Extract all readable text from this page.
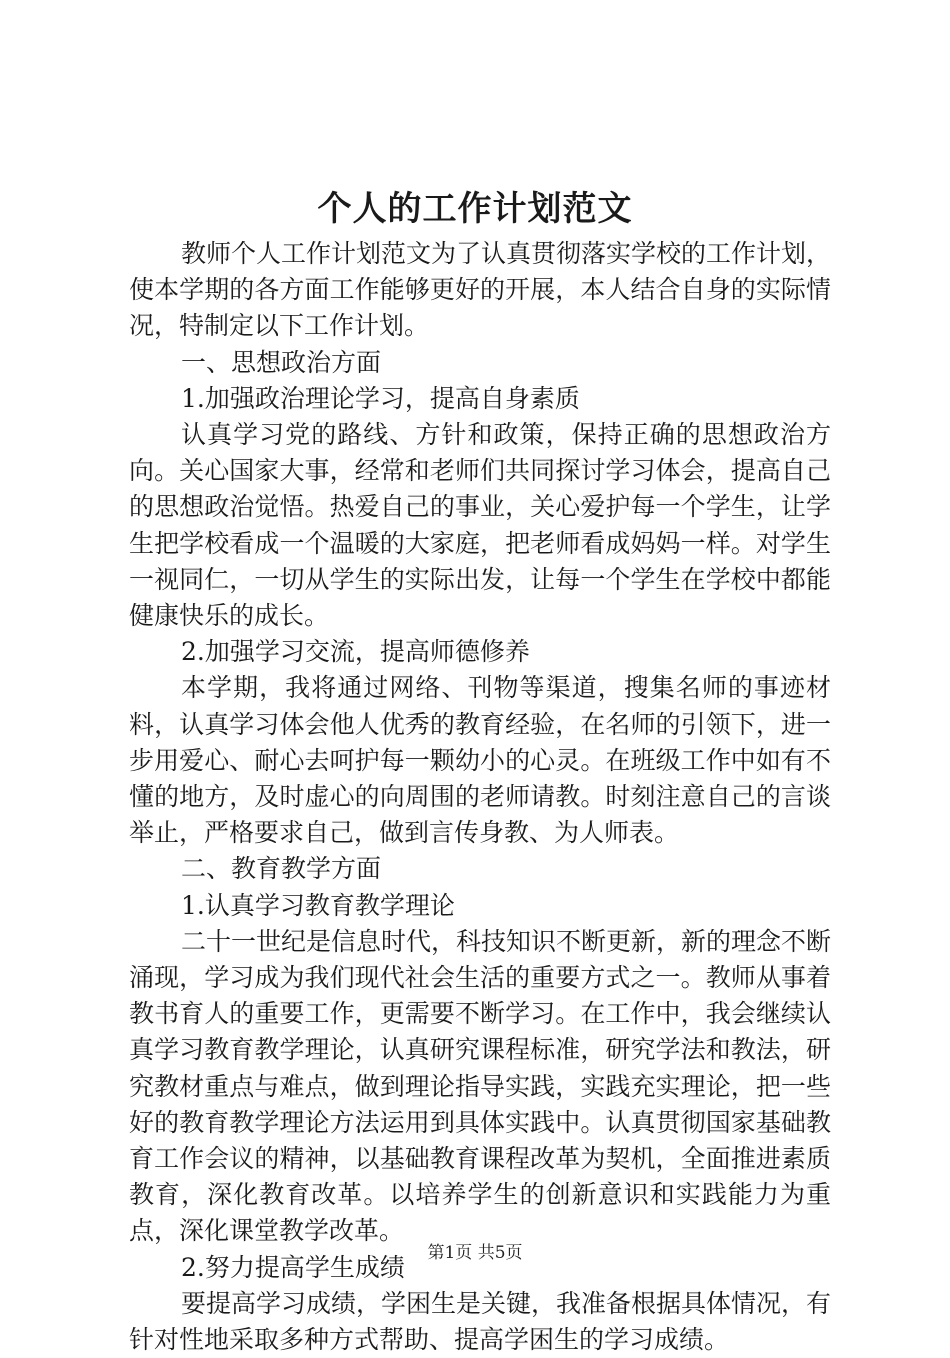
个人的工作计划范文

教师个人工作计划范文为了认真贯彻落实学校的工作计划，使本学期的各方面工作能够更好的开展，本人结合自身的实际情况，特制定以下工作计划。

一、思想政治方面

1.加强政治理论学习，提高自身素质

认真学习党的路线、方针和政策，保持正确的思想政治方向。关心国家大事，经常和老师们共同探讨学习体会，提高自己的思想政治觉悟。热爱自己的事业，关心爱护每一个学生，让学生把学校看成一个温暖的大家庭，把老师看成妈妈一样。对学生一视同仁，一切从学生的实际出发，让每一个学生在学校中都能健康快乐的成长。

2.加强学习交流，提高师德修养

本学期，我将通过网络、刊物等渠道，搜集名师的事迹材料，认真学习体会他人优秀的教育经验，在名师的引领下，进一步用爱心、耐心去呵护每一颗幼小的心灵。在班级工作中如有不懂的地方，及时虚心的向周围的老师请教。时刻注意自己的言谈举止，严格要求自己，做到言传身教、为人师表。

二、教育教学方面

1.认真学习教育教学理论

二十一世纪是信息时代，科技知识不断更新，新的理念不断涌现，学习成为我们现代社会生活的重要方式之一。教师从事着教书育人的重要工作，更需要不断学习。在工作中，我会继续认真学习教育教学理论，认真研究课程标准，研究学法和教法，研究教材重点与难点，做到理论指导实践，实践充实理论，把一些好的教育教学理论方法运用到具体实践中。认真贯彻国家基础教育工作会议的精神，以基础教育课程改革为契机，全面推进素质教育，深化教育改革。以培养学生的创新意识和实践能力为重点，深化课堂教学改革。

2.努力提高学生成绩

要提高学习成绩，学困生是关键，我准备根据具体情况，有针对性地采取多种方式帮助、提高学困生的学习成绩。

第1页 共5页
